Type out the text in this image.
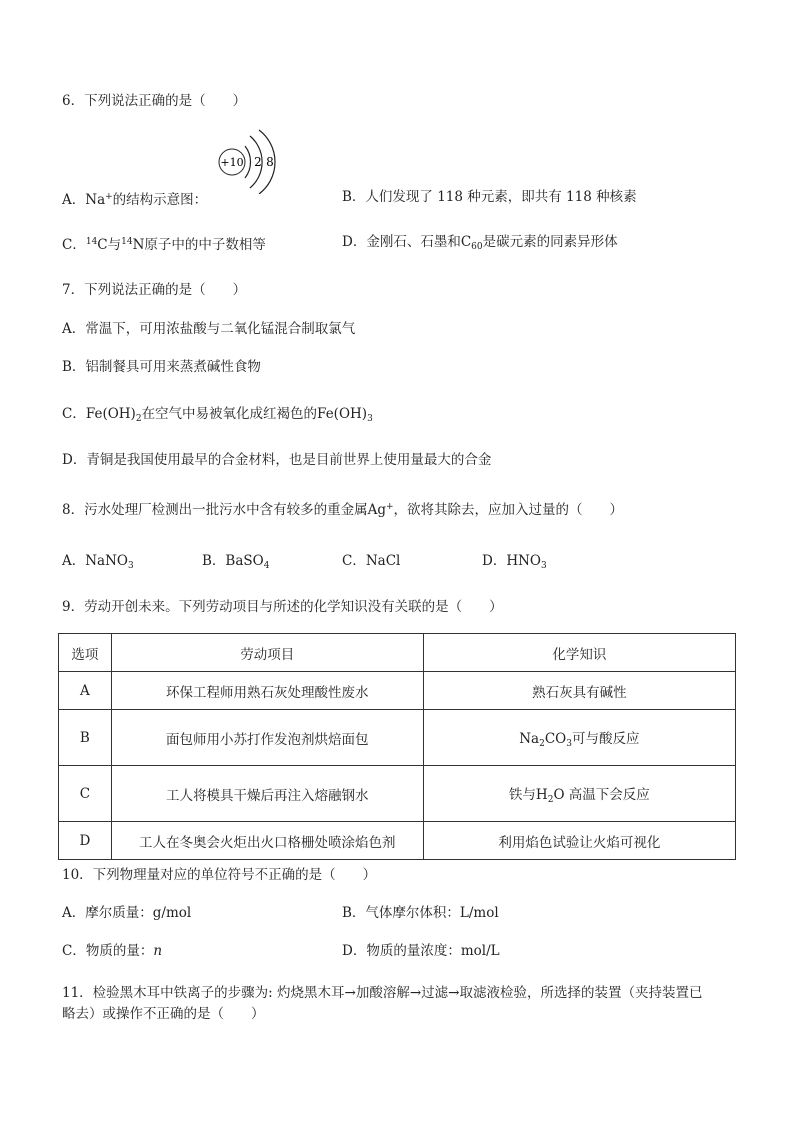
6．下列说法正确的是（　　）
+10 2 8
A．Na+的结构示意图：	B．人们发现了 118 种元素，即共有 118 种核素
C．$^{14}$C与$^{14}$N原子中的中子数相等	D．金刚石、石墨和$C_{60}$是碳元素的同素异形体
7．下列说法正确的是（　　）
A．常温下，可用浓盐酸与二氧化锰混合制取氯气
B．铝制餐具可用来蒸煮碱性食物
C．$Fe(OH)_2$在空气中易被氧化成红褐色的$Fe(OH)_3$
D．青铜是我国使用最早的合金材料，也是目前世界上使用量最大的合金
8．污水处理厂检测出一批污水中含有较多的重金属Ag+，欲将其除去，应加入过量的（　　）
A．NaNO$_3$	B．BaSO$_4$	C．NaCl	D．$HNO_3$
9．劳动开创未来。下列劳动项目与所述的化学知识没有关联的是（　　）
选项	劳动项目	化学知识
A	环保工程师用熟石灰处理酸性废水	熟石灰具有碱性
B	面包师用小苏打作发泡剂烘焙面包	$Na_2CO_3$可与酸反应
C	工人将模具干燥后再注入熔融钢水	铁与$H_2O$ 高温下会反应
D	工人在冬奥会火炬出火口格栅处喷涂焰色剂	利用焰色试验让火焰可视化
10．下列物理量对应的单位符号不正确的是（　　）
A．摩尔质量：g/mol	B．气体摩尔体积：L/mol
C．物质的量：n	D．物质的量浓度：mol/L
11．检验黑木耳中铁离子的步骤为: 灼烧黑木耳→加酸溶解→过滤→取滤液检验，所选择的装置（夹持装置已
略去）或操作不正确的是（　　）
